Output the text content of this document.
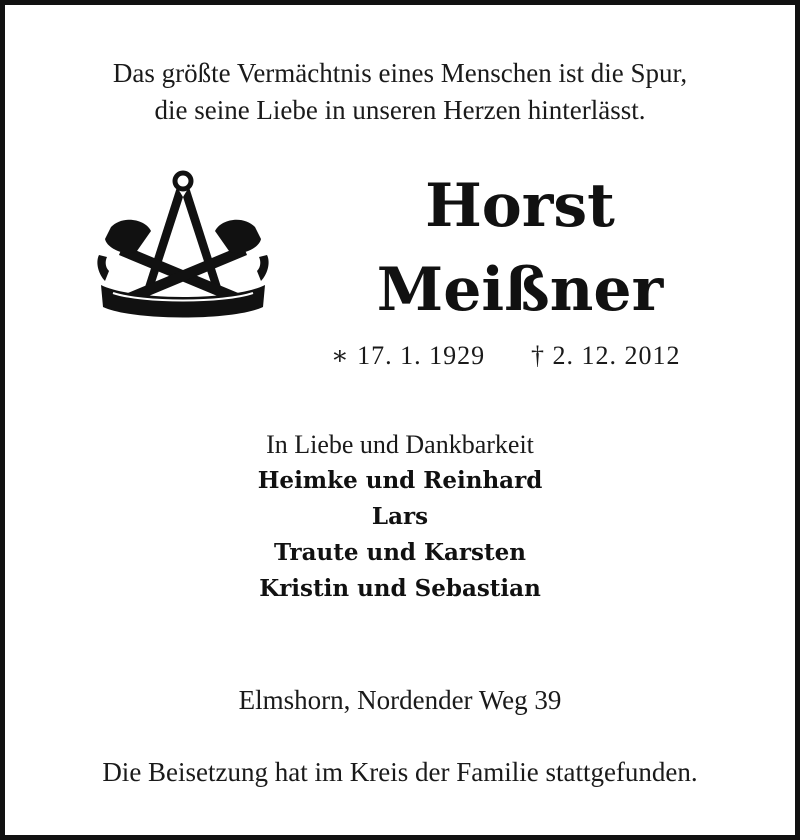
Das größte Vermächtnis eines Menschen ist die Spur,
die seine Liebe in unseren Herzen hinterlässt.
Horst
Meißner
∗ 17. 1. 1929 † 2. 12. 2012
In Liebe und Dankbarkeit
Heimke und Reinhard
Lars
Traute und Karsten
Kristin und Sebastian
Elmshorn, Nordender Weg 39
Die Beisetzung hat im Kreis der Familie stattgefunden.
